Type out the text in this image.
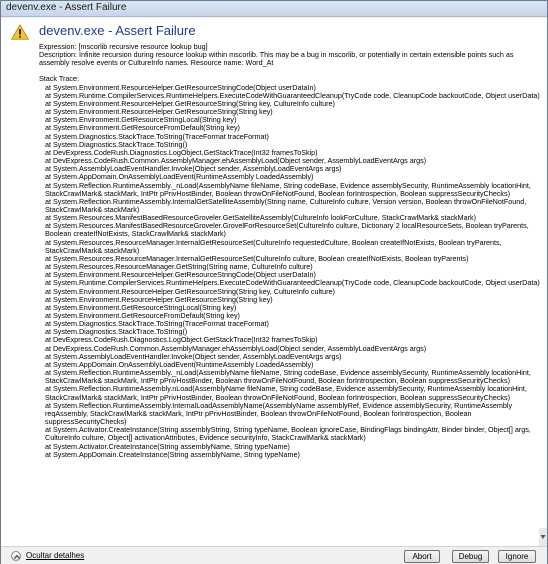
devenv.exe - Assert Failure
devenv.exe - Assert Failure

Expression: [mscorlib recursive resource lookup bug]

Description: Infinite recursion during resource lookup within mscorlib. This may be a bug in mscorlib, or potentially in certain extensible points such as assembly resolve events or CultureInfo names. Resource name: Word_At

Stack Trace:

at System.Environment.ResourceHelper.GetResourceStringCode(Object userDataIn)

at System.Runtime.CompilerServices.RuntimeHelpers.ExecuteCodeWithGuaranteedCleanup(TryCode code, CleanupCode backoutCode, Object userData)

at System.Environment.ResourceHelper.GetResourceString(String key, CultureInfo culture)

at System.Environment.ResourceHelper.GetResourceString(String key)

at System.Environment.GetResourceStringLocal(String key)

at System.Environment.GetResourceFromDefault(String key)

at System.Diagnostics.StackTrace.ToString(TraceFormat traceFormat)

at System.Diagnostics.StackTrace.ToString()

at DevExpress.CodeRush.Diagnostics.LogObject.GetStackTrace(Int32 framesToSkip)

at DevExpress.CodeRush.Common.AssemblyManager.ehAssemblyLoad(Object sender, AssemblyLoadEventArgs args)

at System.AssemblyLoadEventHandler.Invoke(Object sender, AssemblyLoadEventArgs args)

at System.AppDomain.OnAssemblyLoadEvent(RuntimeAssembly LoadedAssembly)

at System.Reflection.RuntimeAssembly._nLoad(AssemblyName fileName, String codeBase, Evidence assemblySecurity, RuntimeAssembly locationHint, StackCrawlMark& stackMark, IntPtr pPrivHostBinder, Boolean throwOnFileNotFound, Boolean forIntrospection, Boolean suppressSecurityChecks)

at System.Reflection.RuntimeAssembly.InternalGetSatelliteAssembly(String name, CultureInfo culture, Version version, Boolean throwOnFileNotFound, StackCrawlMark& stackMark)

at System.Resources.ManifestBasedResourceGroveler.GetSatelliteAssembly(CultureInfo lookForCulture, StackCrawlMark& stackMark)

at System.Resources.ManifestBasedResourceGroveler.GrovelForResourceSet(CultureInfo culture, Dictionary`2 localResourceSets, Boolean tryParents, Boolean createIfNotExists, StackCrawlMark& stackMark)

at System.Resources.ResourceManager.InternalGetResourceSet(CultureInfo requestedCulture, Boolean createIfNotExists, Boolean tryParents, StackCrawlMark& stackMark)

at System.Resources.ResourceManager.InternalGetResourceSet(CultureInfo culture, Boolean createIfNotExists, Boolean tryParents)

at System.Resources.ResourceManager.GetString(String name, CultureInfo culture)

at System.Environment.ResourceHelper.GetResourceStringCode(Object userDataIn)

at System.Runtime.CompilerServices.RuntimeHelpers.ExecuteCodeWithGuaranteedCleanup(TryCode code, CleanupCode backoutCode, Object userData)

at System.Environment.ResourceHelper.GetResourceString(String key, CultureInfo culture)

at System.Environment.ResourceHelper.GetResourceString(String key)

at System.Environment.GetResourceStringLocal(String key)

at System.Environment.GetResourceFromDefault(String key)

at System.Diagnostics.StackTrace.ToString(TraceFormat traceFormat)

at System.Diagnostics.StackTrace.ToString()

at DevExpress.CodeRush.Diagnostics.LogObject.GetStackTrace(Int32 framesToSkip)

at DevExpress.CodeRush.Common.AssemblyManager.ehAssemblyLoad(Object sender, AssemblyLoadEventArgs args)

at System.AssemblyLoadEventHandler.Invoke(Object sender, AssemblyLoadEventArgs args)

at System.AppDomain.OnAssemblyLoadEvent(RuntimeAssembly LoadedAssembly)

at System.Reflection.RuntimeAssembly._nLoad(AssemblyName fileName, String codeBase, Evidence assemblySecurity, RuntimeAssembly locationHint, StackCrawlMark& stackMark, IntPtr pPrivHostBinder, Boolean throwOnFileNotFound, Boolean forIntrospection, Boolean suppressSecurityChecks)

at System.Reflection.RuntimeAssembly.nLoad(AssemblyName fileName, String codeBase, Evidence assemblySecurity, RuntimeAssembly locationHint, StackCrawlMark& stackMark, IntPtr pPrivHostBinder, Boolean throwOnFileNotFound, Boolean forIntrospection, Boolean suppressSecurityChecks)

at System.Reflection.RuntimeAssembly.InternalLoadAssemblyName(AssemblyName assemblyRef, Evidence assemblySecurity, RuntimeAssembly reqAssembly, StackCrawlMark& stackMark, IntPtr pPrivHostBinder, Boolean throwOnFileNotFound, Boolean forIntrospection, Boolean suppressSecurityChecks)

at System.Activator.CreateInstance(String assemblyString, String typeName, Boolean ignoreCase, BindingFlags bindingAttr, Binder binder, Object[] args, CultureInfo culture, Object[] activationAttributes, Evidence securityInfo, StackCrawlMark& stackMark)

at System.Activator.CreateInstance(String assemblyName, String typeName)

at System.AppDomain.CreateInstance(String assemblyName, String typeName)

Ocultar detalhes	Abort	Debug	Ignore
